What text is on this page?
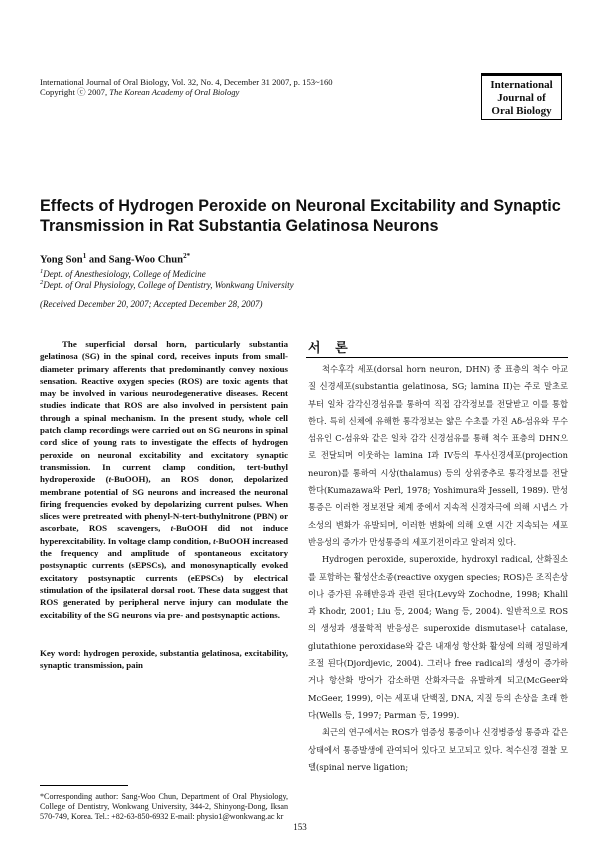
International Journal of Oral Biology, Vol. 32, No. 4, December 31 2007, p. 153~160
Copyright ⓒ 2007, The Korean Academy of Oral Biology
International
Journal of
Oral Biology
Effects of Hydrogen Peroxide on Neuronal Excitability and Synaptic
Transmission in Rat Substantia Gelatinosa Neurons
Yong Son$^1$ and Sang-Woo Chun$^{2*}$
$^1$Dept. of Anesthesiology, College of Medicine
$^2$Dept. of Oral Physiology, College of Dentistry, Wonkwang University
(Received December 20, 2007; Accepted December 28, 2007)
The superficial dorsal horn, particularly substantia gelatinosa (SG) in the spinal cord, receives inputs from small-diameter primary afferents that predominantly convey noxious sensation. Reactive oxygen species (ROS) are toxic agents that may be involved in various neurodegenerative diseases. Recent studies indicate that ROS are also involved in persistent pain through a spinal mechanism. In the present study, whole cell patch clamp recordings were carried out on SG neurons in spinal cord slice of young rats to investigate the effects of hydrogen peroxide on neuronal excitability and excitatory synaptic transmission. In current clamp condition, tert-buthyl hydroperoxide (t-BuOOH), an ROS donor, depolarized membrane potential of SG neurons and increased the neuronal firing frequencies evoked by depolarizing current pulses. When slices were pretreated with phenyl-N-tert-buthylnitrone (PBN) or ascorbate, ROS scavengers, t-BuOOH did not induce hyperexcitability. In voltage clamp condition, t-BuOOH increased the frequency and amplitude of spontaneous excitatory postsynaptic currents (sEPSCs), and monosynaptically evoked excitatory postsynaptic currents (eEPSCs) by electrical stimulation of the ipsilateral dorsal root. These data suggest that ROS generated by peripheral nerve injury can modulate the excitability of the SG neurons via pre- and postsynaptic actions.
Key word: hydrogen peroxide, substantia gelatinosa, excitability, synaptic transmission, pain
*Corresponding author: Sang-Woo Chun, Department of Oral Physiology, College of Dentistry, Wonkwang University, 344-2, Shinyong-Dong, Iksan 570-749, Korea. Tel.: +82-63-850-6932 E-mail: physio1@wonkwang.ac kr
서 론

척수후각 세포(dorsal horn neuron, DHN) 중 표층의 척수 아교질 신경세포(substantia gelatinosa, SG; lamina II)는 주로 말초로부터 일차 감각신경섬유를 통하여 직접 감각정보를 전달받고 이를 통합한다. 특히 신체에 유해한 통각정보는 얇은 수초를 가진 Aδ-섬유와 무수 섬유인 C-섬유와 같은 일차 감각 신경섬유를 통해 척수 표층의 DHN으로 전달되며 이웃하는 lamina I과 IV등의 투사신경세포(projection neuron)를 통하여 시상(thalamus) 등의 상위중추로 통각정보를 전달한다(Kumazawa와 Perl, 1978; Yoshimura와 Jessell, 1989). 만성통증은 이러한 정보전달 체계 중에서 지속적 신경자극에 의해 시냅스 가소성의 변화가 유발되며, 이러한 변화에 의해 오랜 시간 지속되는 세포 반응성의 증가가 만성통증의 세포기전이라고 알려져 있다.

Hydrogen peroxide, superoxide, hydroxyl radical, 산화질소를 포함하는 활성산소종(reactive oxygen species; ROS)은 조직손상이나 증가된 유해반응과 관련 된다(Levy와 Zochodne, 1998; Khalil과 Khodr, 2001; Liu 등, 2004; Wang 등, 2004). 일반적으로 ROS의 생성과 생물학적 반응성은 superoxide dismutase나 catalase, glutathione peroxidase와 같은 내재성 항산화 활성에 의해 정밀하게 조절 된다(Djordjevic, 2004). 그러나 free radical의 생성이 증가하거나 항산화 방어가 감소하면 산화자극을 유발하게 되고(McGeer와 McGeer, 1999), 이는 세포내 단백질, DNA, 지질 등의 손상을 초래 한다(Wells 등, 1997; Parman 등, 1999).

최근의 연구에서는 ROS가 염증성 통증이나 신경병증성 통증과 같은 상태에서 통증발생에 관여되어 있다고 보고되고 있다. 척수신경 결찰 모델(spinal nerve ligation;

153
